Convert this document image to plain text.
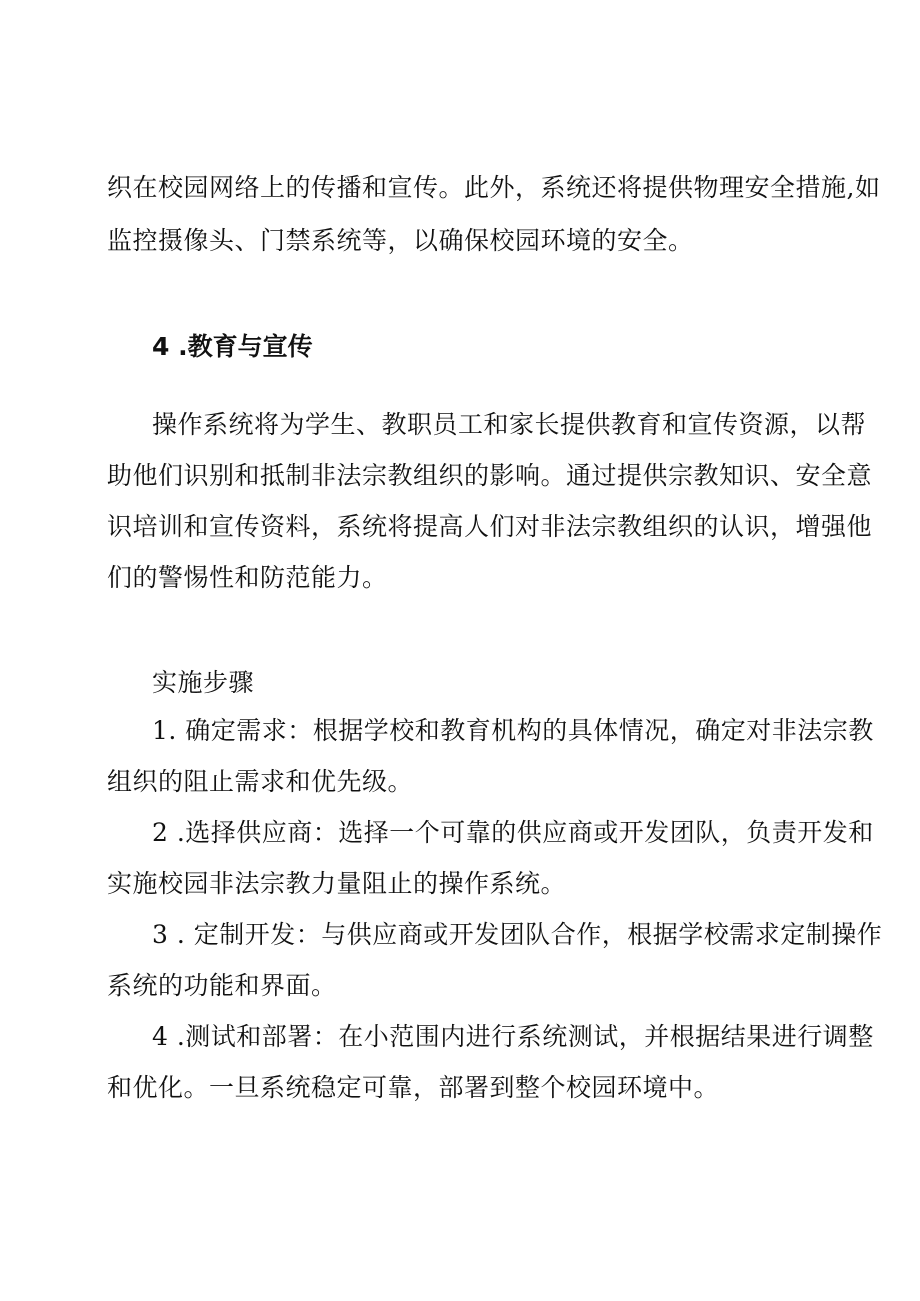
织在校园网络上的传播和宣传。此外，系统还将提供物理安全措施,如
监控摄像头、门禁系统等，以确保校园环境的安全。
4 .教育与宣传
操作系统将为学生、教职员工和家长提供教育和宣传资源，以帮
助他们识别和抵制非法宗教组织的影响。通过提供宗教知识、安全意
识培训和宣传资料，系统将提高人们对非法宗教组织的认识，增强他
们的警惕性和防范能力。
实施步骤
1. 确定需求：根据学校和教育机构的具体情况，确定对非法宗教
组织的阻止需求和优先级。
2 .选择供应商：选择一个可靠的供应商或开发团队，负责开发和
实施校园非法宗教力量阻止的操作系统。
3 . 定制开发：与供应商或开发团队合作，根据学校需求定制操作
系统的功能和界面。
4 .测试和部署：在小范围内进行系统测试，并根据结果进行调整
和优化。一旦系统稳定可靠，部署到整个校园环境中。
